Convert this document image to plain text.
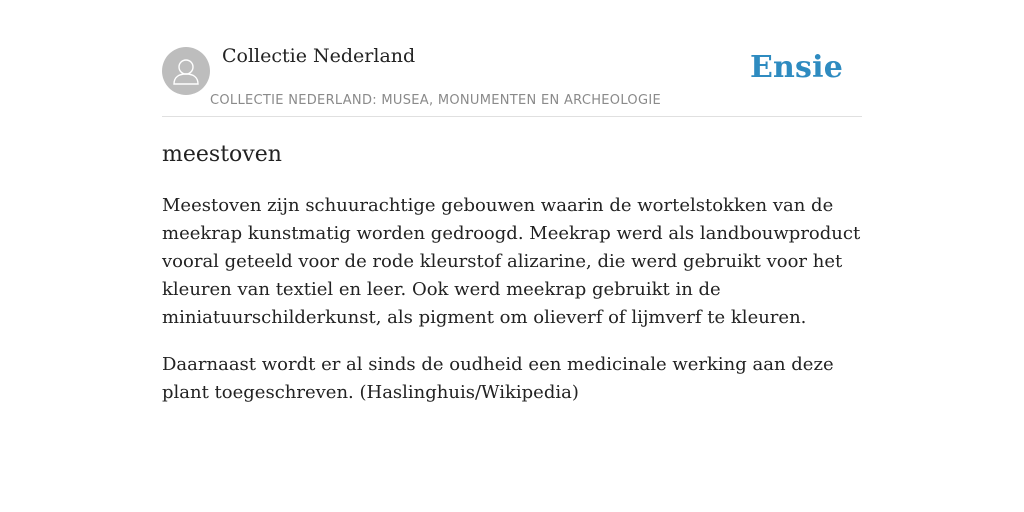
Collectie Nederland
COLLECTIE NEDERLAND: MUSEA, MONUMENTEN EN ARCHEOLOGIE
Ensie
meestoven

Meestoven zijn schuurachtige gebouwen waarin de wortelstokken van de meekrap kunstmatig worden gedroogd. Meekrap werd als landbouwproduct vooral geteeld voor de rode kleurstof alizarine, die werd gebruikt voor het kleuren van textiel en leer. Ook werd meekrap gebruikt in de miniatuurschilderkunst, als pigment om olieverf of lijmverf te kleuren.

Daarnaast wordt er al sinds de oudheid een medicinale werking aan deze plant toegeschreven. (Haslinghuis/Wikipedia)
